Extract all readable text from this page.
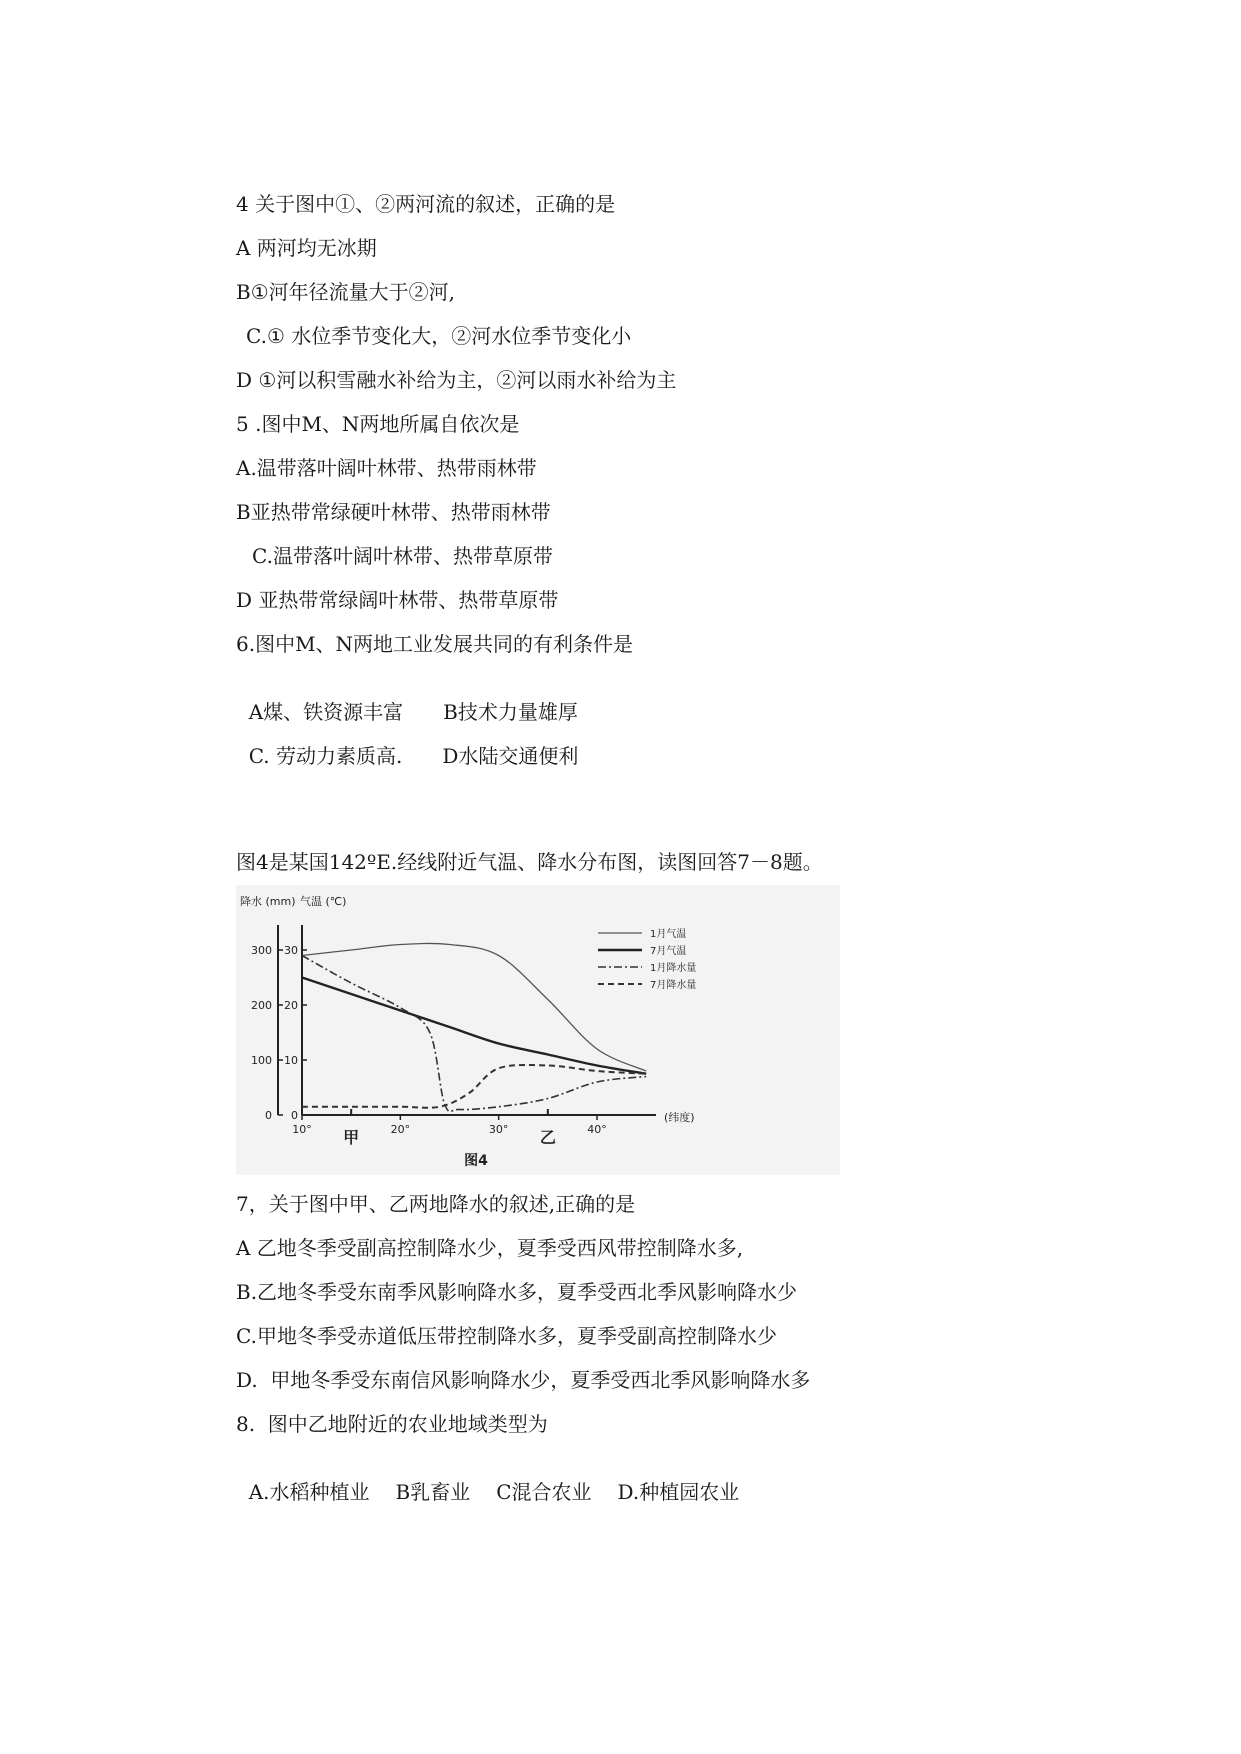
4 关于图中①、②两河流的叙述，正确的是
A 两河均无冰期
B①河年径流量大于②河,
C.① 水位季节变化大，②河水位季节变化小
D ①河以积雪融水补给为主，②河以雨水补给为主
5 .图中M、N两地所属自依次是
A.温带落叶阔叶林带、热带雨林带
B亚热带常绿硬叶林带、热带雨林带
C.温带落叶阔叶林带、热带草原带
D 亚热带常绿阔叶林带、热带草原带
6.图中M、N两地工业发展共同的有利条件是

A煤、铁资源丰富 B技术力量雄厚

C. 劳动力素质高. D水陆交通便利

图4是某国142ºE.经线附近气温、降水分布图，读图回答7－8题。
降水 (mm) 气温 (℃)
0
100
200
300
0
10
20
30
10°	20°	30°	40°
(纬度)
甲	乙
图4
1月气温
7月气温
1月降水量
7月降水量
7，关于图中甲、乙两地降水的叙述,正确的是
A 乙地冬季受副高控制降水少，夏季受西风带控制降水多,
B.乙地冬季受东南季风影响降水多，夏季受西北季风影响降水少
C.甲地冬季受赤道低压带控制降水多，夏季受副高控制降水少
D.  甲地冬季受东南信风影响降水少，夏季受西北季风影响降水多
8.  图中乙地附近的农业地域类型为

A.水稻种植业 B乳畜业 C混合农业 D.种植园农业
